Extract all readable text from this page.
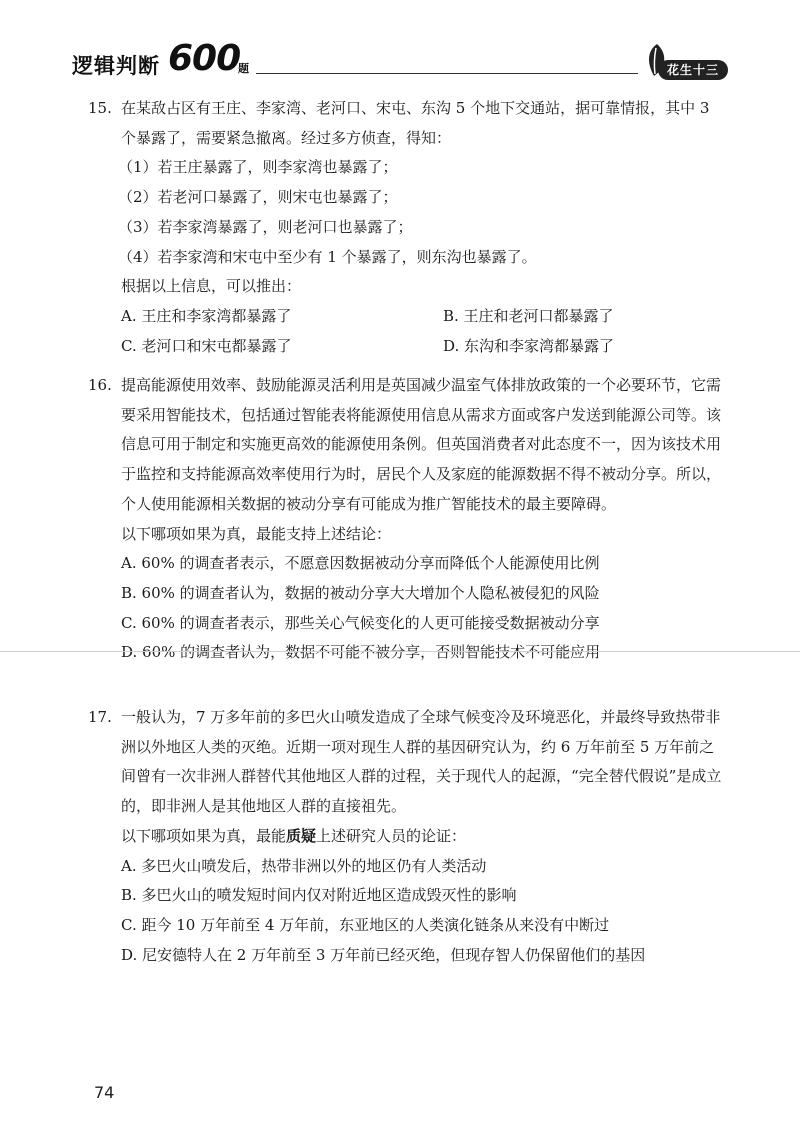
逻辑判断 600
题	花生十三

15. 在某敌占区有王庄、李家湾、老河口、宋屯、东沟 5 个地下交通站，据可靠情报，其中 3 个暴露了，需要紧急撤离。经过多方侦查，得知：

（1）若王庄暴露了，则李家湾也暴露了；

（2）若老河口暴露了，则宋屯也暴露了；

（3）若李家湾暴露了，则老河口也暴露了；

（4）若李家湾和宋屯中至少有 1 个暴露了，则东沟也暴露了。

根据以上信息，可以推出：

A. 王庄和李家湾都暴露了	B. 王庄和老河口都暴露了
C. 老河口和宋屯都暴露了	D. 东沟和李家湾都暴露了

16. 提高能源使用效率、鼓励能源灵活利用是英国减少温室气体排放政策的一个必要环节，它需要采用智能技术，包括通过智能表将能源使用信息从需求方面或客户发送到能源公司等。该信息可用于制定和实施更高效的能源使用条例。但英国消费者对此态度不一，因为该技术用于监控和支持能源高效率使用行为时，居民个人及家庭的能源数据不得不被动分享。所以，个人使用能源相关数据的被动分享有可能成为推广智能技术的最主要障碍。

以下哪项如果为真，最能支持上述结论：

A. 60% 的调查者表示，不愿意因数据被动分享而降低个人能源使用比例

B. 60% 的调查者认为，数据的被动分享大大增加个人隐私被侵犯的风险

C. 60% 的调查者表示，那些关心气候变化的人更可能接受数据被动分享

D. 60% 的调查者认为，数据不可能不被分享，否则智能技术不可能应用

17. 一般认为，7 万多年前的多巴火山喷发造成了全球气候变冷及环境恶化，并最终导致热带非洲以外地区人类的灭绝。近期一项对现生人群的基因研究认为，约 6 万年前至 5 万年前之间曾有一次非洲人群替代其他地区人群的过程，关于现代人的起源，“完全替代假说”是成立的，即非洲人是其他地区人群的直接祖先。

以下哪项如果为真，最能质疑上述研究人员的论证：

A. 多巴火山喷发后，热带非洲以外的地区仍有人类活动

B. 多巴火山的喷发短时间内仅对附近地区造成毁灭性的影响

C. 距今 10 万年前至 4 万年前，东亚地区的人类演化链条从来没有中断过

D. 尼安德特人在 2 万年前至 3 万年前已经灭绝，但现存智人仍保留他们的基因

74
